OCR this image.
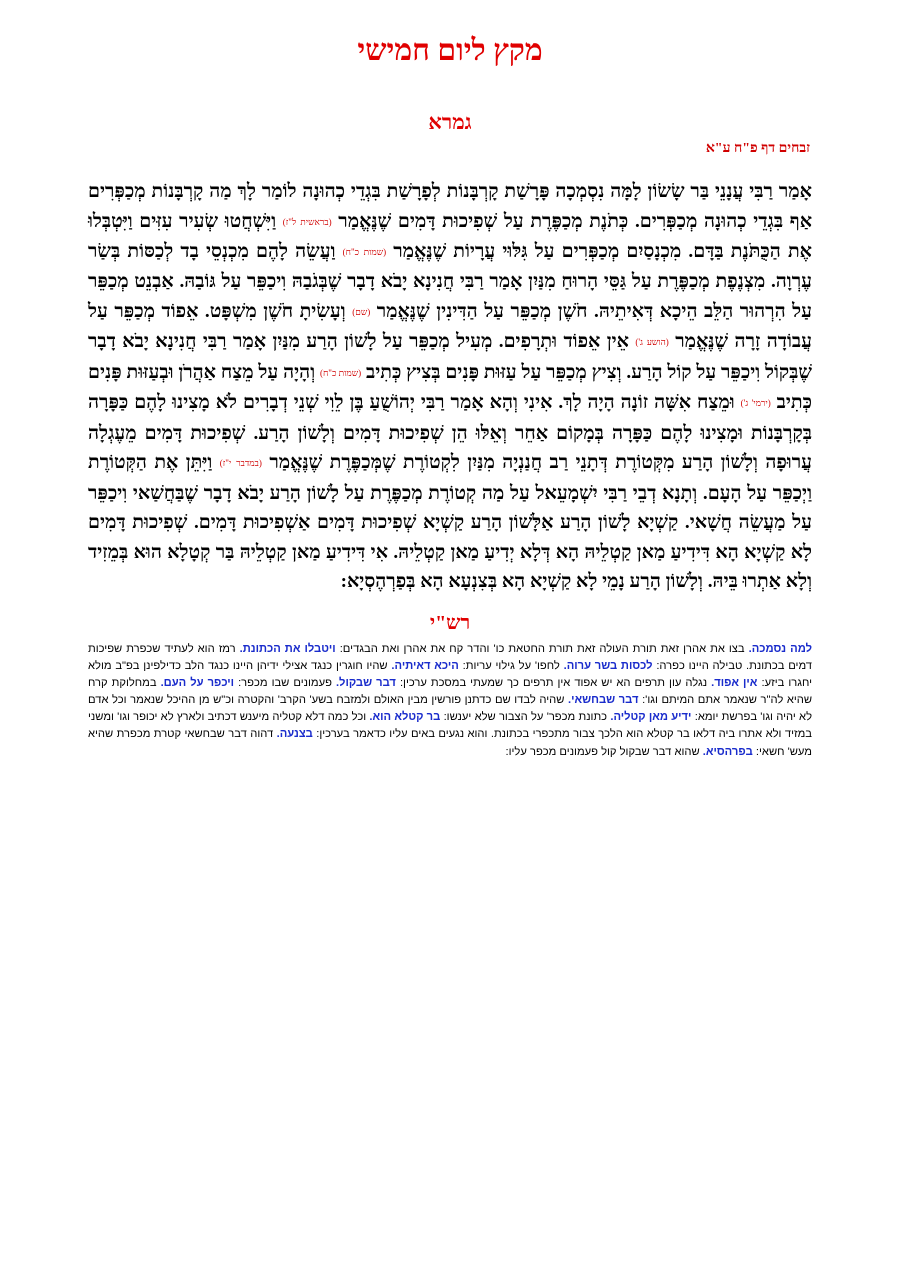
מקץ ליום חמישי
גמרא
זבחים דף פ"ח ע"א
אָמַר רַבִּי עֲנָנֵי בַּר שָׂשׂוֹן לָמָּה נִסְמְכָה פָּרָשַׁת קָרְבָּנוֹת לְפָרָשַׁת בִּגְדֵי כְהוּנָה לוֹמַר לָךְ מַה קָרְבָּנוֹת מְכַפְּרִים אַף בִּגְדֵי כְהוּנָה מְכַפְּרִים. כְּתֹנֶת מְכַפֶּרֶת עַל שְׁפִיכוּת דָּמִים שֶׁנֶּאֱמַר (בראשית ל"ז) וַיִּשְׁחֲטוּ שְׂעִיר עִזִּים וַיִּטְבְּלוּ אֶת הַכֻּתֹּנֶת בַּדָּם. מִכְנָסַיִם מְכַפְּרִים עַל גִּלּוּי עֲרָיוֹת שֶׁנֶּאֱמַר (שמות כ"ח) וַעֲשֵׂה לָהֶם מִכְנְסֵי בָד לְכַסּוֹת בְּשַׂר עֶרְוָה. מִצְנֶפֶת מְכַפֶּרֶת עַל גַּסֵּי הָרוּחַ מִנַּיִן אָמַר רַבִּי חֲנִינָא יָבֹא דָבָר שֶׁבְּגֹבַהּ וִיכַפֵּר עַל גּוֹבַהּ. אַבְנֵט מְכַפֵּר עַל הִרְהוּר הַלֵּב הֵיכָא דְּאִיתֵיהּ. חֹשֶׁן מְכַפֵּר עַל הַדִּינִין שֶׁנֶּאֱמַר (שם) וְעָשִׂיתָ חֹשֶׁן מִשְׁפָּט. אֵפוֹד מְכַפֵּר עַל עֲבוֹדָה זָרָה שֶׁנֶּאֱמַר (הושע ג') אֵין אֵפוֹד וּתְרָפִים. מְעִיל מְכַפֵּר עַל לָשׁוֹן הָרַע מִנַּיִן אָמַר רַבִּי חֲנִינָא יָבֹא דָבָר שֶׁבְּקוֹל וִיכַפֵּר עַל קוֹל הָרַע. וְצִיץ מְכַפֵּר עַל עַזּוּת פָּנִים בְּצִיץ כְּתִיב (שמות כ"ח) וְהָיָה עַל מֵצַח אַהֲרֹן וּבְעַזּוּת פָּנִים כְּתִיב (ירמי' ג') וּמֵצַח אִשָּׁה זוֹנָה הָיָה לָךְ. אִינִי וְהָא אָמַר רַבִּי יְהוֹשֻׁעַ בֶּן לֵוִי שְׁנֵי דְבָרִים לֹא מָצִינוּ לָהֶם כַּפָּרָה בְּקָרְבָּנוֹת וּמָצִינוּ לָהֶם כַּפָּרָה בְּמָקוֹם אַחֵר וְאֵלּוּ הֵן שְׁפִיכוּת דָּמִים וְלָשׁוֹן הָרַע. שְׁפִיכוּת דָּמִים מֵעֶגְלָה עֲרוּפָה וְלָשׁוֹן הָרַע מִקְּטוֹרֶת דְּתָנֵי רַב חֲנַנְיָה מִנַּיִן לִקְטוֹרֶת שֶׁמְּכַפֶּרֶת שֶׁנֶּאֱמַר (במדבר י"ז) וַיִּתֵּן אֶת הַקְּטוֹרֶת וַיְכַפֵּר עַל הָעָם. וְתָנָא דְבֵי רַבִּי יִשְׁמָעֵאל עַל מַה קְטוֹרֶת מְכַפֶּרֶת עַל לָשׁוֹן הָרַע יָבֹא דָבָר שֶׁבַּחֲשַׁאי וִיכַפֵּר עַל מַעֲשֵׂה חֲשָׁאי. קַשְׁיָא לָשׁוֹן הָרַע אַלָּשׁוֹן הָרַע קַשְׁיָא שְׁפִיכוּת דָּמִים אַשְׁפִיכוּת דָּמִים. שְׁפִיכוּת דָּמִים לָא קַשְׁיָא הָא דִּידִיעַ מַאן קַטְלֵיהּ הָא דְּלָא יְדִיעַ מַאן קַטְלֵיהּ. אִי דִּידִיעַ מַאן קַטְלֵיהּ בַּר קְטָלָא הוּא בְּמֵזִיד וְלָא אַתְרוּ בֵּיהּ. וְלָשׁוֹן הָרַע נָמֵי לָא קַשְׁיָא הָא בְּצִנְעָא הָא בְּפַרְהֶסְיָא:
רש"י
למה נסמכה. בצו את אהרן זאת תורת העולה זאת תורת החטאת כו' והדר קח את אהרן ואת הבגדים: ויטבלו את הכתונת. רמז הוא לעתיד שכפרת שפיכות דמים בכתונת. טבילה היינו כפרה: לכסות בשר ערוה. לחפו' על גילוי עריות: היכא דאיתיה. שהיו חוגרין כנגד אצילי ידיהן היינו כנגד הלב כדילפינן בפ"ב מולא יחגרו ביזע: אין אפוד. נגלה עון תרפים הא יש אפוד אין תרפים כך שמעתי במסכת ערכין: דבר שבקול. פעמונים שבו מכפר: ויכפר על העם. במחלוקת קרח שהיא לה"ר שנאמר אתם המיתם וגו': דבר שבחשאי. שהיה לבדו שם כדתנן פורשין מבין האולם ולמזבח בשע' הקרב' והקטרה וכ"ש מן ההיכל שנאמר וכל אדם לא יהיה וגו' בפרשת יומא: ידיע מאן קטליה. כתונת מכפר' על הצבור שלא יענשו: בר קטלא הוא. וכל כמה דלא קטליה מיענש דכתיב ולארץ לא יכופר וגו' ומשני במזיד ולא אתרו ביה דלאו בר קטלא הוא הלכך צבור מתכפרי בכתונת. והוא נגעים באים עליו כדאמר בערכין: בצנעה. דהוה דבר שבחשאי קטרת מכפרת שהיא מעש' חשאי: בפרהסיא. שהוא דבר שבקול קול פעמונים מכפר עליו:
